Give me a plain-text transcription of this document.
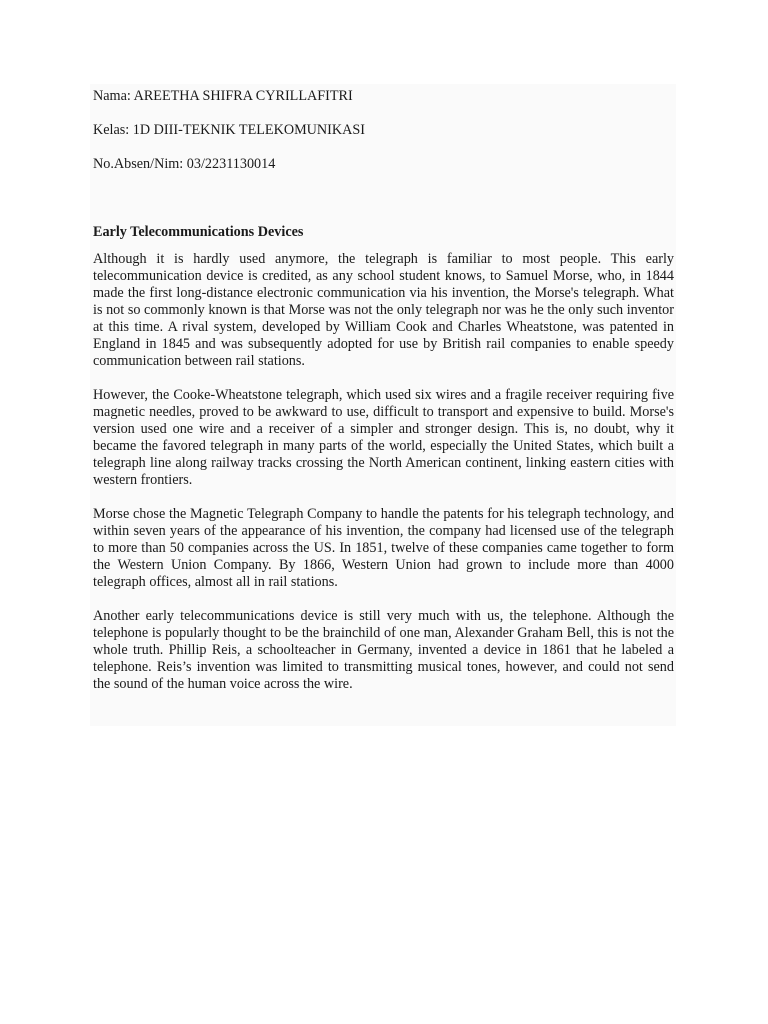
Nama: AREETHA SHIFRA CYRILLAFITRI
Kelas: 1D DIII-TEKNIK TELEKOMUNIKASI
No.Absen/Nim: 03/2231130014
Early Telecommunications Devices

Although it is hardly used anymore, the telegraph is familiar to most people. This early telecommunication device is credited, as any school student knows, to Samuel Morse, who, in 1844 made the first long-distance electronic communication via his invention, the Morse's telegraph. What is not so commonly known is that Morse was not the only telegraph nor was he the only such inventor at this time. A rival system, developed by William Cook and Charles Wheatstone, was patented in England in 1845 and was subsequently adopted for use by British rail companies to enable speedy communication between rail stations.

However, the Cooke-Wheatstone telegraph, which used six wires and a fragile receiver requiring five magnetic needles, proved to be awkward to use, difficult to transport and expensive to build. Morse's version used one wire and a receiver of a simpler and stronger design. This is, no doubt, why it became the favored telegraph in many parts of the world, especially the United States, which built a telegraph line along railway tracks crossing the North American continent, linking eastern cities with western frontiers.

Morse chose the Magnetic Telegraph Company to handle the patents for his telegraph technology, and within seven years of the appearance of his invention, the company had licensed use of the telegraph to more than 50 companies across the US. In 1851, twelve of these companies came together to form the Western Union Company. By 1866, Western Union had grown to include more than 4000 telegraph offices, almost all in rail stations.

Another early telecommunications device is still very much with us, the telephone. Although the telephone is popularly thought to be the brainchild of one man, Alexander Graham Bell, this is not the whole truth. Phillip Reis, a schoolteacher in Germany, invented a device in 1861 that he labeled a telephone. Reis’s invention was limited to transmitting musical tones, however, and could not send the sound of the human voice across the wire.
